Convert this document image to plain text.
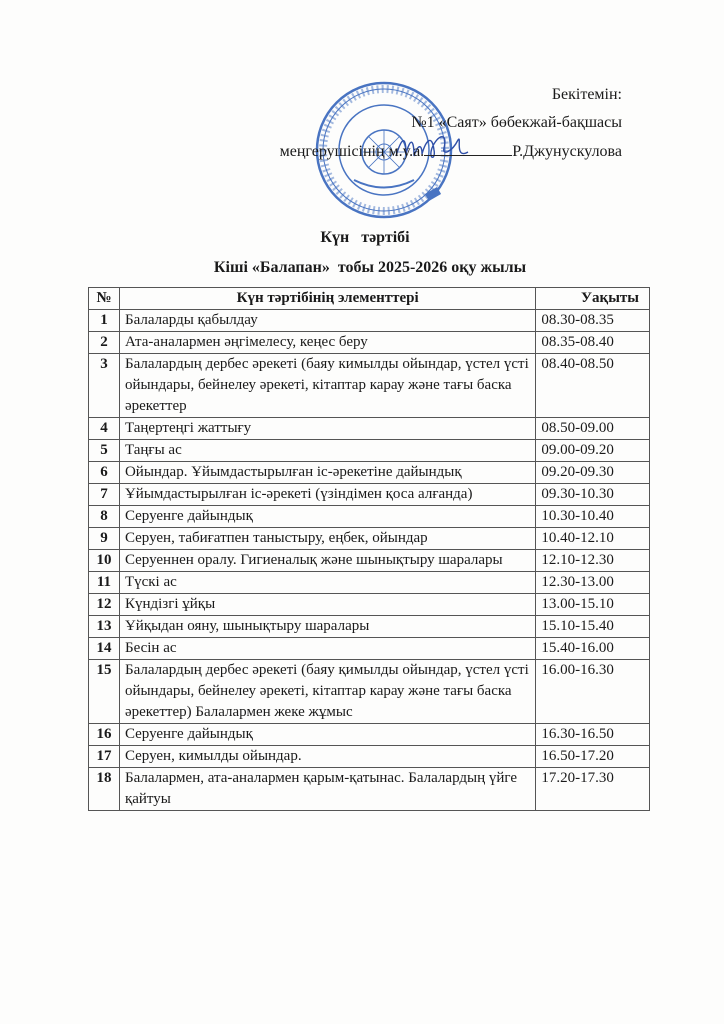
Бекітемін:
№1 «Саят» бөбекжай-бақшасы
меңгерушісінің м.у.а.	Р.Джунускулова
Күн   тәртібі
Кіші «Балапан»  тобы 2025-2026 оқу жылы
№	Күн тәртібінің элементтері	Уақыты
1	Балаларды қабылдау	08.30-08.35
2	Ата-аналармен әңгімелесу, кеңес беру	08.35-08.40
3	Балалардың дербес әрекеті (баяу кимылды ойындар, үстел үсті ойындары, бейнелеу әрекеті, кітаптар карау және тағы баска әрекеттер	08.40-08.50
4	Таңертеңгі жаттығу	08.50-09.00
5	Таңғы ас	09.00-09.20
6	Ойындар. Ұйымдастырылған іс-әрекетіне дайындық	09.20-09.30
7	Ұйымдастырылған іс-әрекеті (үзіндімен қоса алғанда)	09.30-10.30
8	Серуенге дайындық	10.30-10.40
9	Серуен, табиғатпен таныстыру, еңбек, ойындар	10.40-12.10
10	Серуеннен оралу. Гигиеналық және шынықтыру шаралары	12.10-12.30
11	Түскі ас	12.30-13.00
12	Күндізгі ұйқы	13.00-15.10
13	Ұйқыдан ояну, шынықтыру шаралары	15.10-15.40
14	Бесін ас	15.40-16.00
15	Балалардың дербес әрекеті (баяу қимылды ойындар, үстел үсті ойындары, бейнелеу әрекеті, кітаптар карау және тағы баска әрекеттер) Балалармен жеке жұмыс	16.00-16.30
16	Серуенге дайындық	16.30-16.50
17	Серуен, кимылды ойындар.	16.50-17.20
18	Балалармен, ата-аналармен қарым-қатынас. Балалардың үйге қайтуы	17.20-17.30
